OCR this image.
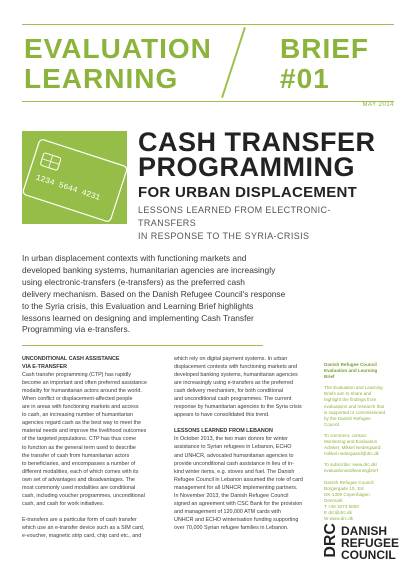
EVALUATION
LEARNING
BRIEF
#01
MAY 2014
1234 5644 4231
CASH TRANSFER
PROGRAMMING
FOR URBAN DISPLACEMENT
LESSONS LEARNED FROM ELECTRONIC-TRANSFERS
IN RESPONSE TO THE SYRIA-CRISIS
In urban displacement contexts with functioning markets and
developed banking systems, humanitarian agencies are increasingly
using electronic-transfers (e-transfers) as the preferred cash
delivery mechanism. Based on the Danish Refugee Council's response
to the Syria crisis, this Evaluation and Learning Brief highlights
lessons learned on designing and implementing Cash Transfer
Programming via e-transfers.

UNCONDITIONAL CASH ASSISTANCE

VIA E-TRANSFER

Cash transfer programming (CTP) has rapidly
become an important and often preferred assistance
modality for humanitarian actors around the world.
When conflict or displacement-affected people
are in areas with functioning markets and access
to cash, an increasing number of humanitarian
agencies regard cash as the best way to meet the
material needs and improve the livelihood outcomes
of the targeted populations. CTP has thus come
to function as the general term used to describe
the transfer of cash from humanitarian actors
to beneficiaries, and encompasses a number of
different modalities, each of which comes with its
own set of advantages and disadvantages. The
most commonly used modalities are conditional
cash, including voucher programmes, unconditional
cash, and cash for work initiatives.
E-transfers are a particular form of cash transfer
which use an e-transfer device such as a SIM card,
e-voucher, magnetic strip card, chip card etc., and
which rely on digital payment systems. In urban
displacement contexts with functioning markets and
developed banking systems, humanitarian agencies
are increasingly using e-transfers as the preferred
cash delivery mechanism, for both conditional
and unconditional cash programmes. The current
response by humanitarian agencies to the Syria crisis
appears to have consolidated this trend.

LESSONS LEARNED FROM LEBANON

In October 2013, the two main donors for winter
assistance to Syrian refugees in Lebanon, ECHO
and UNHCR, advocated humanitarian agencies to
provide unconditional cash assistance in lieu of in-
kind winter items, e.g. stoves and fuel. The Danish
Refugee Council in Lebanon assumed the role of card
management for all UNHCR implementing partners.
In November 2013, the Danish Refugee Council
signed an agreement with CSC Bank for the provision
and management of 120,000 ATM cards with
UNHCR and ECHO winterisation funding supporting
over 70,000 Syrian refugee families in Lebanon.
Danish Refugee Council
Evaluation and Learning
Brief
The Evaluation and Learning
Briefs aim to share and
highlight the findings from
evaluations and research that
is supported or commissioned
by the Danish Refugee
Council.
To comment, contact
Monitoring and Evaluation
Adviser, Mikkel Nedergaard:
mikkel.nedergaard@drc.dk
To subscribe: www.drc.dk/
evaluationandlearningbrief
Danish Refugee Council
Borgergade 10, 3rd
DK-1300 Copenhagen
Denmark
T +45 3373 5000
E drc@drc.dk
W www.drc.dk
DRC DANISH
REFUGEE
COUNCIL
